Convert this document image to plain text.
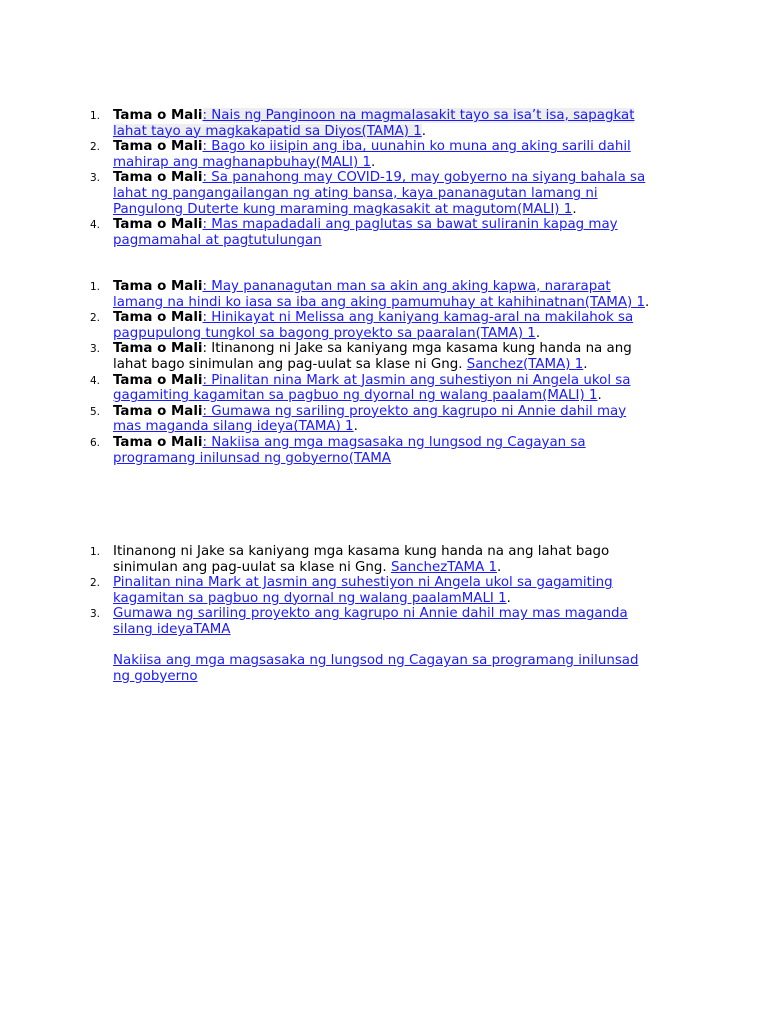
1. Tama o Mali: Nais ng Panginoon na magmalasakit tayo sa isa’t isa, sapagkat lahat tayo ay magkakapatid sa Diyos(TAMA) 1.
2. Tama o Mali: Bago ko iisipin ang iba, uunahin ko muna ang aking sarili dahil mahirap ang maghanapbuhay(MALI) 1.
3. Tama o Mali: Sa panahong may COVID-19, may gobyerno na siyang bahala sa lahat ng pangangailangan ng ating bansa, kaya pananagutan lamang ni Pangulong Duterte kung maraming magkasakit at magutom(MALI) 1.
4. Tama o Mali: Mas mapadadali ang paglutas sa bawat suliranin kapag may pagmamahal at pagtutulungan
1. Tama o Mali: May pananagutan man sa akin ang aking kapwa, nararapat lamang na hindi ko iasa sa iba ang aking pamumuhay at kahihinatnan(TAMA) 1.
2. Tama o Mali: Hinikayat ni Melissa ang kaniyang kamag-aral na makilahok sa pagpupulong tungkol sa bagong proyekto sa paaralan(TAMA) 1.
3. Tama o Mali: Itinanong ni Jake sa kaniyang mga kasama kung handa na ang lahat bago sinimulan ang pag-uulat sa klase ni Gng. Sanchez(TAMA) 1.
4. Tama o Mali: Pinalitan nina Mark at Jasmin ang suhestiyon ni Angela ukol sa gagamiting kagamitan sa pagbuo ng dyornal ng walang paalam(MALI) 1.
5. Tama o Mali: Gumawa ng sariling proyekto ang kagrupo ni Annie dahil may mas maganda silang ideya(TAMA) 1.
6. Tama o Mali: Nakiisa ang mga magsasaka ng lungsod ng Cagayan sa programang inilunsad ng gobyerno(TAMA
1. Itinanong ni Jake sa kaniyang mga kasama kung handa na ang lahat bago sinimulan ang pag-uulat sa klase ni Gng. SanchezTAMA 1.
2. Pinalitan nina Mark at Jasmin ang suhestiyon ni Angela ukol sa gagamiting kagamitan sa pagbuo ng dyornal ng walang paalamMALI 1.
3. Gumawa ng sariling proyekto ang kagrupo ni Annie dahil may mas maganda silang ideyaTAMA
Nakiisa ang mga magsasaka ng lungsod ng Cagayan sa programang inilunsad ng gobyerno
